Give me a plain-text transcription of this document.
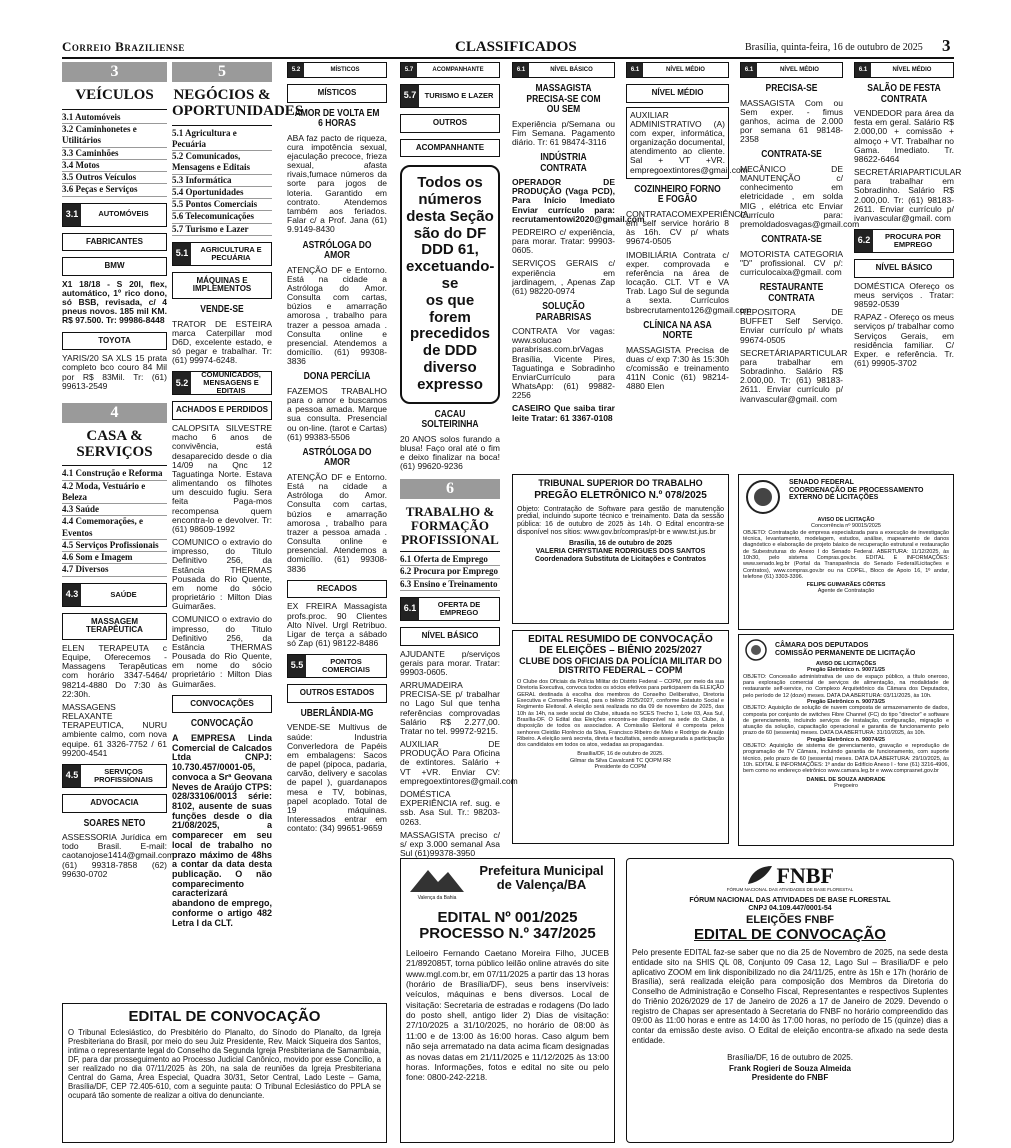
Correio Braziliense	CLASSIFICADOS	Brasília, quinta-feira, 16 de outubro de 2025 3
3
VEÍCULOS
3.1 Automóveis
3.2 Caminhonetes e Utilitários
3.3 Caminhões
3.4 Motos
3.5 Outros Veículos
3.6 Peças e Serviços
3.1	AUTOMÓVEIS
FABRICANTES
BMW
X1 18/18 - S 20I, flex, automático, 1º rico dono, só BSB, revisada, c/ 4 pneus novos. 185 mil KM. R$ 97.500. Tr: 99986-8448
TOYOTA
YARIS/20 SA XLS 15 prata completo bco couro 84 Mil por R$ 83Mil. Tr: (61) 99613-2549
4
CASA & SERVIÇOS
4.1 Construção e Reforma
4.2 Moda, Vestuário e Beleza
4.3 Saúde
4.4 Comemorações, e Eventos
4.5 Serviços Profissionais
4.6 Som e Imagem
4.7 Diversos
4.3	SAÚDE
MASSAGEM TERAPÊUTICA
ELEN TERAPEUTA c Equipe, Oferecemos - Massagens Terapêuticas com horário 3347-5464/ 98214-4880 Do 7:30 às 22:30h.
MASSAGENS RELAXANTE TERAPEUTICA, NURU ambiente calmo, com nova equipe. 61 3326-7752 / 61 99200-4541
4.5	SERVIÇOS PROFISSIONAIS
ADVOCACIA
SOARES NETO
ASSESSORIA Jurídica em todo Brasil. E-mail: caotanojose1414@gmail.com (61) 99318-7858 (62) 99630-0702
5
NEGÓCIOS & OPORTUNIDADES
5.1 Agricultura e Pecuária
5.2 Comunicados, Mensagens e Editais
5.3 Informática
5.4 Oportunidades
5.5 Pontos Comerciais
5.6 Telecomunicações
5.7 Turismo e Lazer
5.1	AGRICULTURA E PECUÁRIA
MÁQUINAS E IMPLEMENTOS
VENDE-SE
TRATOR DE ESTEIRA marca Caterpillar mod D6D, excelente estado, e só pegar e trabalhar. Tr: (61) 99974-6248.
5.2
COMUNICADOS, MENSAGENS E EDITAIS
ACHADOS E PERDIDOS
CALOPSITA SILVESTRE macho 6 anos de convivência, está desaparecido desde o dia 14/09 na Qnc 12 Taguatinga Norte. Estava alimentando os filhotes um descuido fugiu. Sera feita Paga-mos recompensa quem encontra-lo e devolver. Tr: (61) 98609-1992
COMUNICO o extravio do impresso, do Titulo Definitivo 256, da Estância THERMAS Pousada do Rio Quente, em nome do sócio proprietário : Milton Dias Guimarães.
COMUNICO o extravio do impresso, do Titulo Definitivo 256, da Estância THERMAS Pousada do Rio Quente, em nome do sócio proprietário : Milton Dias Guimarães.
CONVOCAÇÕES
CONVOCAÇÃO
A EMPRESA Linda Comercial de Calcados Ltda CNPJ: 10.730.457/0001-05, convoca a Srª Geovana Neves de Araújo CTPS: 028/33106/0013 série: 8102, ausente de suas funções desde o dia 21/08/2025, a comparecer em seu local de trabalho no prazo máximo de 48hs a contar da data desta publicação. O não comparecimento caracterizará abandono de emprego, conforme o artigo 482 Letra I da CLT.
5.2	MÍSTICOS
MÍSTICOS
AMOR DE VOLTA EM 6 HORAS
ABA faz pacto de riqueza, cura impotência sexual, ejaculação precoce, frieza sexual, afasta rivais,fumace números da sorte para jogos de loteria. Garantido em contrato. Atendemos também aos feriados. Falar c/ a Prof. Jana (61) 9.9149-8430
ASTRÓLOGA DO AMOR
ATENÇÃO DF e Entorno. Está na cidade a Astróloga do Amor. Consulta com cartas, búzios e amarração amorosa , trabalho para trazer a pessoa amada . Consulta online e presencial. Atendemos a domicílio. (61) 99308-3836
DONA PERCÍLIA
FAZEMOS TRABALHO para o amor e buscamos a pessoa amada. Marque sua consulta. Presencial ou on-line. (tarot e Cartas) (61) 99383-5506
ASTRÓLOGA DO AMOR
ATENÇÃO DF e Entorno. Está na cidade a Astróloga do Amor. Consulta com cartas, búzios e amarração amorosa , trabalho para trazer a pessoa amada . Consulta online e presencial. Atendemos a domicílio. (61) 99308-3836
RECADOS
EX FREIRA Massagista profs.proc. 90 Clientes Alto Nível. Urgl Retribuo. Ligar de terça a sábado só Zap (61) 98122-8486
5.5	PONTOS COMERCIAIS
OUTROS ESTADOS
UBERLÂNDIA-MG
VENDE-SE Multivus de saúde: Industria Converledora de Papéis em embalagens: Sacos de papel (pipoca, padaria, carvão, delivery e sacolas de papel ), guardanapos mesa e TV, bobinas, papel acoplado. Total de 19 máquinas. Interessados entrar em contato: (34) 99651-9659
5.7	ACOMPANHANTE
5.7	TURISMO E LAZER
OUTROS
ACOMPANHANTE
Todos os
números
desta Seção
são do DF
DDD 61,
excetuando-se
os que forem
precedidos
de DDD
diverso
expresso
CACAU SOLTEIRINHA
20 ANOS solos furando a blusa! Faço oral até o fim e deixo finalizar na boca! (61) 99620-9236
6
TRABALHO & FORMAÇÃO PROFISSIONAL
6.1 Oferta de Emprego
6.2 Procura por Emprego
6.3 Ensino e Treinamento
6.1	OFERTA DE EMPREGO
NÍVEL BÁSICO
AJUDANTE p/serviços gerais para morar. Tratar: 99903-0605.
ARRUMADEIRA PRECISA-SE p/ trabalhar no Lago Sul que tenha referências comprovadas Salário R$ 2.277,00. Tratar no tel. 99972-9215.
AUXILIAR DE PRODUÇÃO Para Oficina de extintores. Salário + VT +VR. Enviar CV: empregoextintores@gmail.com
DOMÉSTICA EXPERIÊNCIA ref. sug. e ssb. Asa Sul. Tr.: 98203-0263.
MASSAGISTA preciso c/ s/ exp 3.000 semanal Asa Sul (61)99378-3950
6.1	NÍVEL BÁSICO
MASSAGISTA PRECISA-SE COM OU SEM
Experiência p/Semana ou Fim Semana. Pagamento diário. Tr: 61 98474-3116
INDÚSTRIA CONTRATA
OPERADOR DE PRODUÇÃO (Vaga PCD), Para Início Imediato Enviar currículo para: recrutamentowi2020@gmail.com
PEDREIRO c/ experiência, para morar. Tratar: 99903-0605.
SERVIÇOS GERAIS c/ experiência em jardinagem, , Apenas Zap (61) 98220-0974
SOLUÇÃO PARABRISAS
CONTRATA Vor vagas: www.solucao parabrisas.com.brVagas Brasília, Vicente Pires, Taguatinga e Sobradinho EnviarCurrículo para WhatsApp: (61) 99882-2256
CASEIRO Que saiba tirar leite Tratar: 61 3367-0108
6.1	NÍVEL MÉDIO
NÍVEL MÉDIO
AUXILIAR ADMINISTRATIVO (A) com exper, informática, organização documental, atendimento ao cliente. Sal + VT +VR. empregoextintores@gmail.com
COZINHEIRO FORNO E FOGÃO
CONTRATACOMEXPERIÊNCIA em self service horário 8 às 16h. CV p/ whats 99674-0505
IMOBILIÁRIA Contrata c/ exper. comprovada e referência na área de locação. CLT. VT e VA Trab. Lago Sul de segunda a sexta. Currículos bsbrecrutamento126@gmail.com
CLÍNICA NA ASA NORTE
MASSAGISTA Precisa de duas c/ exp 7:30 às 15:30h c/comissão e treinamento 411N Conic (61) 98214-4880 Elen
6.1	NÍVEL MÉDIO
PRECISA-SE
MASSAGISTA Com ou Sem exper. - fimus ganhos, acima de 2.000 por semana 61 98148-2358
CONTRATA-SE
MECÂNICO DE MANUTENÇÃO c/ conhecimento em eletricidade , em solda MIG , elétrica etc Enviar Currículo para: premoldadosvagas@gmail.com
CONTRATA-SE
MOTORISTA CATEGORIA "D" profissional. CV p/: curriculocaixa@gmail. com
RESTAURANTE CONTRATA
REPOSITORA DE BUFFET Self Serviço. Enviar currículo p/ whats 99674-0505
SECRETÁRIAPARTICULAR para trabalhar em Sobradinho. Salário R$ 2.000,00. Tr: (61) 98183-2611. Enviar currículo p/ ivanvascular@gmail. com
6.1	NÍVEL MÉDIO
SALÃO DE FESTA CONTRATA
VENDEDOR para área da festa em geral. Salário R$ 2.000,00 + comissão + almoço + VT. Trabalhar no Gama. Imediato. Tr. 98622-6464
SECRETÁRIAPARTICULAR para trabalhar em Sobradinho. Salário R$ 2.000,00. Tr: (61) 98183-2611. Enviar currículo p/ ivanvascular@gmail. com
6.2	PROCURA POR EMPREGO
NÍVEL BÁSICO
DOMÉSTICA Ofereço os meus serviços . Tratar: 98592-0539
RAPAZ - Ofereço os meus serviços p/ trabalhar como Serviços Gerais, em residência familiar. C/ Exper. e referência. Tr. (61) 99905-3702
TRIBUNAL SUPERIOR DO TRABALHO
PREGÃO ELETRÔNICO N.º 078/2025
Objeto: Contratação de Software para gestão de manutenção predial, incluindo suporte técnico e treinamento. Data da sessão pública: 16 de outubro de 2025 às 14h. O Edital encontra-se disponível nos sítios: www.gov.br/compras/pt-br e www.tst.jus.br
Brasília, 16 de outubro de 2025
VALERIA CHRYSTIANE RODRIGUES DOS SANTOS
Coordenadora Substituta de Licitações e Contratos
EDITAL RESUMIDO DE CONVOCAÇÃO
DE ELEIÇÕES – BIÊNIO 2025/2027
CLUBE DOS OFICIAIS DA POLÍCIA MILITAR DO DISTRITO FEDERAL – COPM
O Clube dos Oficiais da Polícia Militar do Distrito Federal – COPM, por meio da sua Diretoria Executiva, convoca todos os sócios efetivos para participarem da ELEIÇÃO GERAL destinada à escolha dos membros do Conselho Deliberativo, Diretoria Executiva e Conselho Fiscal, para o biênio 2025/2027, conforme Estatuto Social e Regimento Eleitoral. A eleição será realizada no dia 09 de novembro de 2025, das 10h às 14h, na sede social do Clube, situada no SCES Trecho 1, Lote 03, Asa Sul, Brasília-DF. O Edital das Eleições encontra-se disponível na sede do Clube, à disposição de todos os associados. A Comissão Eleitoral é composta pelos senhores Cleidão Florêncio da Silva, Francisco Ribeiro de Melo e Rodrigo de Araújo Ribeiro. A eleição será secreta, direta e facultativa, sendo assegurada a participação dos candidatos em todos os atos, vedadas as propagandas.
Brasília/DF, 16 de outubro de 2025.
Gilmar da Silva Cavalcanti TC QOPM RR
Presidente do COPM
SENADO FEDERAL
COORDENAÇÃO DE PROCESSAMENTO EXTERNO DE LICITAÇÕES
AVISO DE LICITAÇÃO
Concorrência nº 90015/2025
OBJETO: Contratação de empresa especializada para a execução de investigação técnica, levantamento, modelagem, estudos, análise, mapeamento de danos diagnóstico e elaboração de projeto básico de recuperação estrutural e restauração de Subestruturas do Anexo I do Senado Federal. ABERTURA: 11/12/2025, às 10h30, pelo sistema Compras.gov.br. EDITAL E INFORMAÇÕES: www.senado.leg.br (Portal da Transparência do Senado Federal/Licitações e Contratos), www.compras.gov.br ou na COPEL, Bloco de Apoio 16, 1º andar, telefone (61) 3303-3396.
FELIPE GUIMARÃES CÔRTES
Agente de Contratação
CÂMARA DOS DEPUTADOS
COMISSÃO PERMANENTE DE LICITAÇÃO
AVISO DE LICITAÇÕES
Pregão Eletrônico n. 90071/25
OBJETO: Concessão administrativa de uso de espaço público, a título oneroso, para exploração comercial de serviços de alimentação, na modalidade de restaurante self-service, no Complexo Arquitetônico da Câmara dos Deputados, pelo período de 12 (doze) meses. DATA DA ABERTURA: 03/11/2025, às 10h.
Pregão Eletrônico n. 90073/25
OBJETO: Aquisição de solução de nuvem composta de armazenamento de dados, composta por conjunto de switches Fibre Channel (FC) do tipo "director" e software de gerenciamento, incluindo serviços de instalação, configuração, migração e atuação da solução, capacitação operacional e garantia de funcionamento pelo prazo de 60 (sessenta) meses. DATA DA ABERTURA: 31/10/2025, às 10h.
Pregão Eletrônico n. 90074/25
OBJETO: Aquisição de sistema de gerenciamento, gravação e reprodução de programação de TV Câmara, incluindo garantia de funcionamento, com suporte técnico, pelo prazo de 60 (sessenta) meses. DATA DA ABERTURA: 29/10/2025, às 10h. EDITAL E INFORMAÇÕES: 1º andar do Edifício Anexo I - fone (61) 3216-4906, bem como no endereço eletrônico www.camara.leg.br e www.comprasnet.gov.br
DANIEL DE SOUZA ANDRADE
Pregoeiro
EDITAL DE CONVOCAÇÃO
O Tribunal Eclesiástico, do Presbitério do Planalto, do Sínodo do Planalto, da Igreja Presbiteriana do Brasil, por meio do seu Juiz Presidente, Rev. Maick Siqueira dos Santos, intima o representante legal do Conselho da Segunda Igreja Presbiteriana de Samambaia, DF, para dar prosseguimento ao Processo Judicial Canônico, movido por esse Concílio, a ser realizado no dia 07/11/2025 às 20h, na sala de reuniões da Igreja Presbiteriana Central do Gama, Área Especial, Quadra 30/31, Setor Central, Lado Leste – Gama, Brasília/DF, CEP 72.405-610, com a seguinte pauta: O Tribunal Eclesiástico do PPLA se ocupará tão somente de realizar a oitiva do denunciante.
Valença da Bahia
Prefeitura Municipal
de Valença/BA
EDITAL Nº 001/2025
PROCESSO N.º 347/2025
Leiloeiro Fernando Caetano Moreira Filho, JUCEB 21/892085T, torna público leilão online através do site www.mgl.com.br, em 07/11/2025 a partir das 13 horas (horário de Brasília/DF), seus bens inservíveis: veículos, máquinas e bens diversos. Local de visitação: Secretaria de estradas e rodagens (Do lado do posto shell, antigo lider 2) Dias de visitação: 27/10/2025 a 31/10/2025, no horário de 08:00 às 11:00 e de 13:00 às 16:00 horas. Caso algum bem não seja arrematado na data acima ficam designadas as novas datas em 21/11/2025 e 11/12/2025 às 13:00 horas. Informações, fotos e edital no site ou pelo fone: 0800-242-2218.
FNBF
FÓRUM NACIONAL DAS ATIVIDADES DE BASE FLORESTAL
FÓRUM NACIONAL DAS ATIVIDADES DE BASE FLORESTAL
CNPJ 04.109.447/0001-54
ELEIÇÕES FNBF
EDITAL DE CONVOCAÇÃO
Pelo presente EDITAL faz-se saber que no dia 25 de Novembro de 2025, na sede desta entidade sito na SHIS QL 08, Conjunto 09 Casa 12, Lago Sul – Brasília/DF e pelo aplicativo ZOOM em link disponibilizado no dia 24/11/25, entre às 15h e 17h (horário de Brasília), será realizada eleição para composição dos Membros da Diretoria do Conselho de Administração e Conselho Fiscal, Representantes e respectivos Suplentes do Triênio 2026/2029 de 17 de Janeiro de 2026 a 17 de Janeiro de 2029. Devendo o registro de Chapas ser apresentado à Secretaria do FNBF no horário compreendido das 09:00 às 11:00 horas e entre as 14:00 às 17:00 horas, no período de 15 (quinze) dias a contar da emissão deste aviso. O Edital de eleição encontra-se afixado na sede desta entidade.
Brasília/DF, 16 de outubro de 2025.
Frank Rogieri de Souza Almeida
Presidente do FNBF
